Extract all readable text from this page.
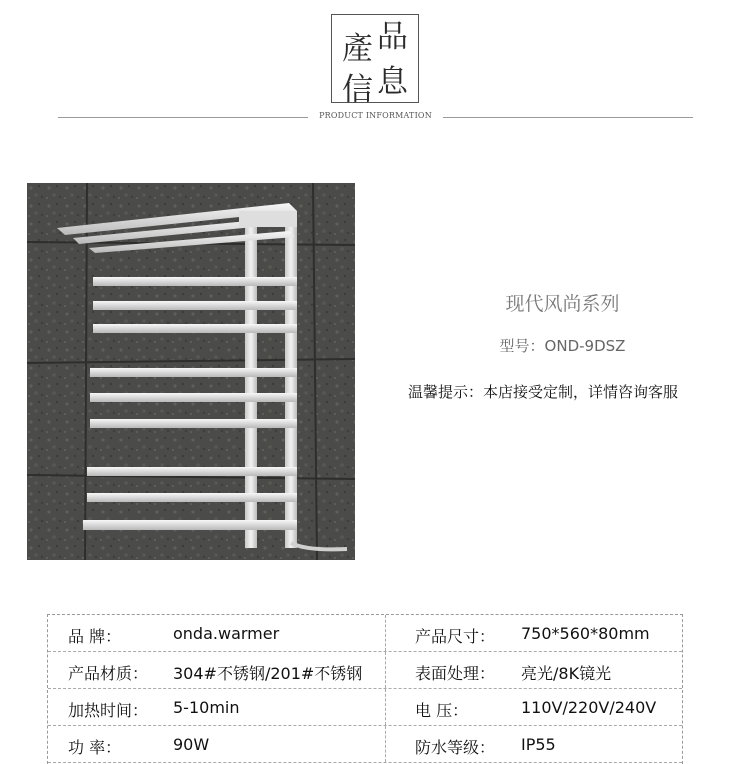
產 品
信 息
PRODUCT INFORMATION
现代风尚系列
型号：OND-9DSZ
温馨提示：本店接受定制，详情咨询客服
品 牌：	onda.warmer	产品尺寸： 750*560*80mm
产品材质： 304#不锈钢/201#不锈钢	表面处理： 亮光/8K镜光
加热时间： 5-10min	电 压：	110V/220V/240V
功 率：	90W	防水等级： IP55
